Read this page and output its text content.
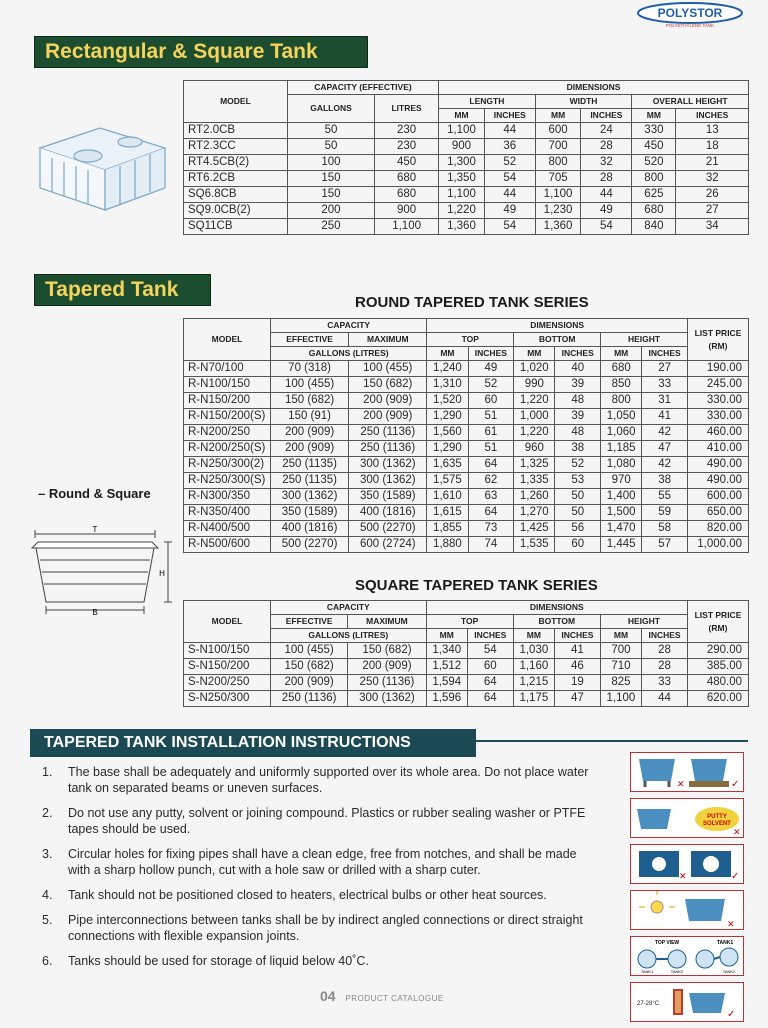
POLYSTOR
POLYETHYLENE TANK
Rectangular & Square Tank
MODEL	CAPACITY (EFFECTIVE)		DIMENSIONS					
	GALLONS	LITRES	LENGTH		WIDTH		OVERALL HEIGHT	
			MM	INCHES	MM	INCHES	MM	INCHES
RT2.0CB	50	230	1,100	44	600	24	330	13
RT2.3CC	50	230	900	36	700	28	450	18
RT4.5CB(2)	100	450	1,300	52	800	32	520	21
RT6.2CB	150	680	1,350	54	705	28	800	32
SQ6.8CB	150	680	1,100	44	1,100	44	625	26
SQ9.0CB(2)	200	900	1,220	49	1,230	49	680	27
SQ11CB	250	1,100	1,360	54	1,360	54	840	34
Tapered Tank
ROUND TAPERED TANK SERIES
MODEL	CAPACITY		DIMENSIONS						LIST PRICE (RM)
	EFFECTIVE	MAXIMUM	TOP		BOTTOM		HEIGHT		
	GALLONS (LITRES)		MM	INCHES	MM	INCHES	MM	INCHES	
R-N70/100	70 (318)	100 (455)	1,240	49	1,020	40	680	27	190.00
R-N100/150	100 (455)	150 (682)	1,310	52	990	39	850	33	245.00
R-N150/200	150 (682)	200 (909)	1,520	60	1,220	48	800	31	330.00
R-N150/200(S)	150 (91)	200 (909)	1,290	51	1,000	39	1,050	41	330.00
R-N200/250	200 (909)	250 (1136)	1,560	61	1,220	48	1,060	42	460.00
R-N200/250(S)	200 (909)	250 (1136)	1,290	51	960	38	1,185	47	410.00
R-N250/300(2)	250 (1135)	300 (1362)	1,635	64	1,325	52	1,080	42	490.00
R-N250/300(S)	250 (1135)	300 (1362)	1,575	62	1,335	53	970	38	490.00
R-N300/350	300 (1362)	350 (1589)	1,610	63	1,260	50	1,400	55	600.00
R-N350/400	350 (1589)	400 (1816)	1,615	64	1,270	50	1,500	59	650.00
R-N400/500	400 (1816)	500 (2270)	1,855	73	1,425	56	1,470	58	820.00
R-N500/600	500 (2270)	600 (2724)	1,880	74	1,535	60	1,445	57	1,000.00
– Round & Square
T
B
H
SQUARE TAPERED TANK SERIES
MODEL	CAPACITY		DIMENSIONS						LIST PRICE (RM)
	EFFECTIVE	MAXIMUM	TOP		BOTTOM		HEIGHT		
	GALLONS (LITRES)		MM	INCHES	MM	INCHES	MM	INCHES	
S-N100/150	100 (455)	150 (682)	1,340	54	1,030	41	700	28	290.00
S-N150/200	150 (682)	200 (909)	1,512	60	1,160	46	710	28	385.00
S-N200/250	200 (909)	250 (1136)	1,594	64	1,215	19	825	33	480.00
S-N250/300	250 (1136)	300 (1362)	1,596	64	1,175	47	1,100	44	620.00
TAPERED TANK INSTALLATION INSTRUCTIONS
1. The base shall be adequately and uniformly supported over its whole area. Do not place water tank on separated beams or uneven surfaces.
2. Do not use any putty, solvent or joining compound. Plastics or rubber sealing washer or PTFE tapes should be used.
3. Circular holes for fixing pipes shall have a clean edge, free from notches, and shall be made with a sharp hollow punch, cut with a hole saw or drilled with a sharp cuter.
4. Tank should not be positioned closed to heaters, electrical bulbs or other heat sources.
5. Pipe interconnections between tanks shall be by indirect angled connections or direct straight connections with flexible expansion joints.
6. Tanks should be used for storage of liquid below 40˚C.
✕	✓
PUTTY
SOLVENT
✕
✕	✓
✕
TOP VIEW	TANK1
TANK1	TANK2	TANK2
27-28°C
✓
04 PRODUCT CATALOGUE
